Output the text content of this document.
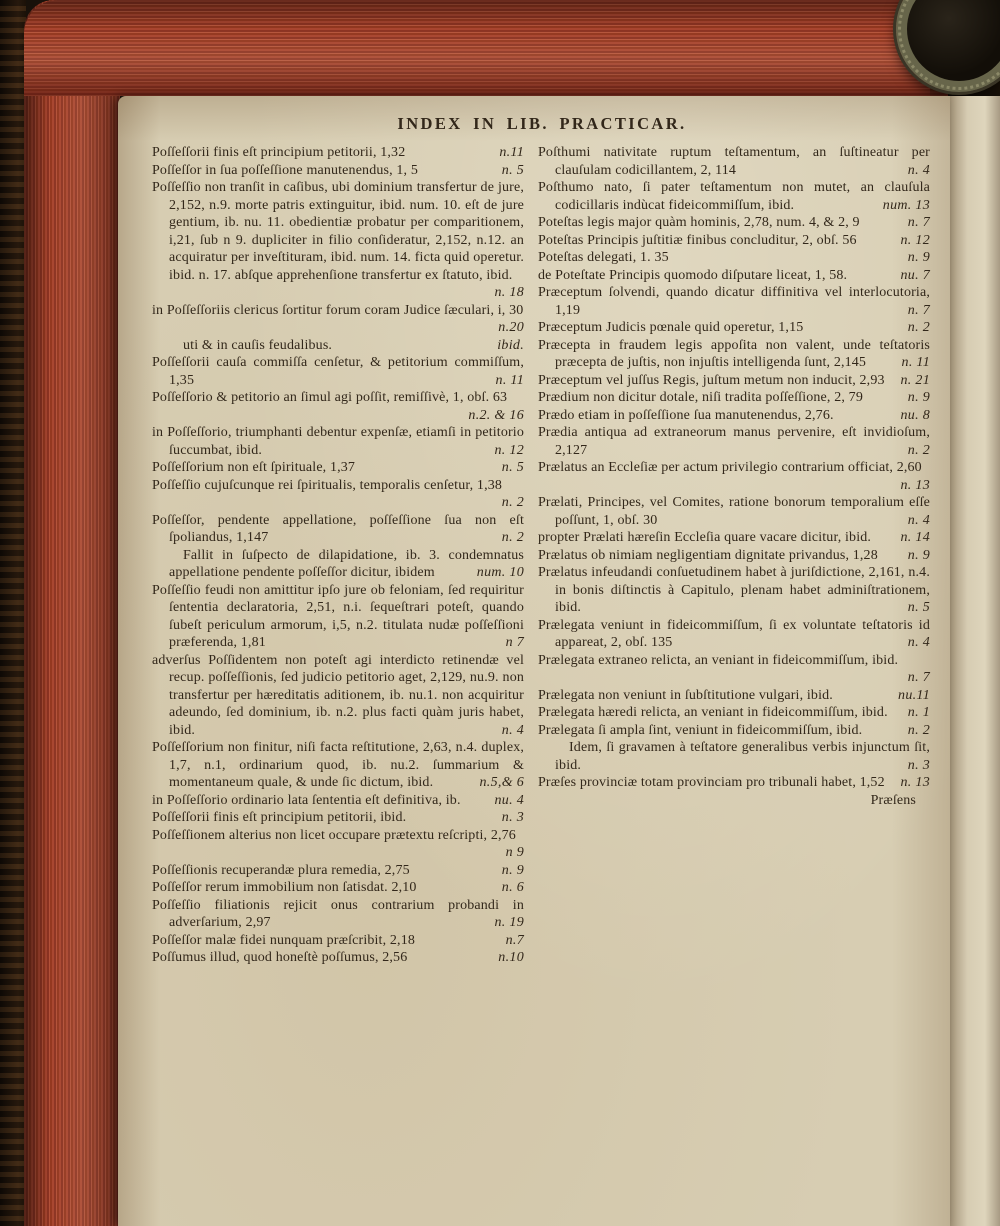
INDEX IN LIB. PRACTICAR.
Poſſeſſorii finis eſt principium petitorii, 1,32	n.11
Poſſeſſor in ſua poſſeſſione manutenendus, 1, 5	n. 5
Poſſeſſio non tranſit in caſibus, ubi dominium transfertur de jure, 2,152, n.9. morte patris extinguitur, ibid. num. 10. eſt de jure gentium, ib. nu. 11. obedientiæ probatur per comparitionem, i,21, ſub n 9. dupliciter in filio conſideratur, 2,152, n.12. an acquiratur per inveſtituram, ibid. num. 14. ficta quid operetur. ibid. n. 17. abſque apprehenſione transfertur ex ſtatuto, ibid.
n. 18
in Poſſeſſoriis clericus ſortitur forum coram Judice ſæculari, i, 30
n.20
uti & in cauſis feudalibus.	ibid.
Poſſeſſorii cauſa commiſſa cenſetur, & petitorium commiſſum, 1,35	n. 11
Poſſeſſorio & petitorio an ſimul agi poſſit, remiſſivè, 1, obſ. 63
n.2. & 16
in Poſſeſſorio, triumphanti debentur expenſæ, etiamſi in petitorio ſuccumbat, ibid.	n. 12
Poſſeſſorium non eſt ſpirituale, 1,37	n. 5
Poſſeſſio cujuſcunque rei ſpiritualis, temporalis cenſetur, 1,38
n. 2
Poſſeſſor, pendente appellatione, poſſeſſione ſua non eſt ſpoliandus, 1,147	n. 2
Fallit in ſuſpecto de dilapidatione, ib. 3. condemnatus appellatione pendente poſſeſſor dicitur, ibidem	num. 10
Poſſeſſio feudi non amittitur ipſo jure ob feloniam, ſed requiritur ſententia declaratoria, 2,51, n.i. ſequeſtrari poteſt, quando ſubeſt periculum armorum, i,5, n.2. titulata nudæ poſſeſſioni præferenda, 1,81	n 7
adverſus Poſſidentem non poteſt agi interdicto retinendæ vel recup. poſſeſſionis, ſed judicio petitorio aget, 2,129, nu.9. non transfertur per hæreditatis aditionem, ib. nu.1. non acquiritur adeundo, ſed dominium, ib. n.2. plus facti quàm juris habet, ibid.	n. 4
Poſſeſſorium non finitur, niſi facta reſtitutione, 2,63, n.4. duplex, 1,7, n.1, ordinarium quod, ib. nu.2. ſummarium & momentaneum quale, & unde ſic dictum, ibid.	n.5,& 6
in Poſſeſſorio ordinario lata ſententia eſt definitiva, ib.	nu. 4
Poſſeſſorii finis eſt principium petitorii, ibid.	n. 3
Poſſeſſionem alterius non licet occupare prætextu reſcripti, 2,76
n 9
Poſſeſſionis recuperandæ plura remedia, 2,75	n. 9
Poſſeſſor rerum immobilium non ſatisdat. 2,10	n. 6
Poſſeſſio filiationis rejicit onus contrarium probandi in adverſarium, 2,97	n. 19
Poſſeſſor malæ fidei nunquam præſcribit, 2,18	n.7
Poſſumus illud, quod honeſtè poſſumus, 2,56	n.10
Poſthumi nativitate ruptum teſtamentum, an ſuſtineatur per clauſulam codicillantem, 2, 114	n. 4
Poſthumo nato, ſi pater teſtamentum non mutet, an clauſula codicillaris indùcat fideicommiſſum, ibid.	num. 13
Poteſtas legis major quàm hominis, 2,78, num. 4, & 2, 9	n. 7
Poteſtas Principis juſtitiæ finibus concluditur, 2, obſ. 56	n. 12
Poteſtas delegati, 1. 35	n. 9
de Poteſtate Principis quomodo diſputare liceat, 1, 58.	nu. 7
Præceptum ſolvendi, quando dicatur diffinitiva vel interlocutoria, 1,19	n. 7
Præceptum Judicis pœnale quid operetur, 1,15	n. 2
Præcepta in fraudem legis appoſita non valent, unde teſtatoris præcepta de juſtis, non injuſtis intelligenda ſunt, 2,145	n. 11
Præceptum vel juſſus Regis, juſtum metum non inducit, 2,93	n. 21
Prædium non dicitur dotale, niſi tradita poſſeſſione, 2, 79	n. 9
Prædo etiam in poſſeſſione ſua manutenendus, 2,76.	nu. 8
Prædia antiqua ad extraneorum manus pervenire, eſt invidioſum, 2,127	n. 2
Prælatus an Eccleſiæ per actum privilegio contrarium officiat, 2,60
n. 13
Prælati, Principes, vel Comites, ratione bonorum temporalium eſſe poſſunt, 1, obſ. 30	n. 4
propter Prælati hæreſin Eccleſia quare vacare dicitur, ibid.	n. 14
Prælatus ob nimiam negligentiam dignitate privandus, 1,28	n. 9
Prælatus infeudandi conſuetudinem habet à juriſdictione, 2,161, n.4. in bonis diſtinctis à Capitulo, plenam habet adminiſtrationem, ibid.	n. 5
Prælegata veniunt in fideicommiſſum, ſi ex voluntate teſtatoris id appareat, 2, obſ. 135	n. 4
Prælegata extraneo relicta, an veniant in fideicommiſſum, ibid.
n. 7
Prælegata non veniunt in ſubſtitutione vulgari, ibid.	nu.11
Prælegata hæredi relicta, an veniant in fideicommiſſum, ibid.	n. 1
Prælegata ſi ampla ſint, veniunt in fideicommiſſum, ibid.	n. 2
Idem, ſi gravamen à teſtatore generalibus verbis injunctum ſit, ibid.	n. 3
Præſes provinciæ totam provinciam pro tribunali habet, 1,52	n. 13
Præſens
